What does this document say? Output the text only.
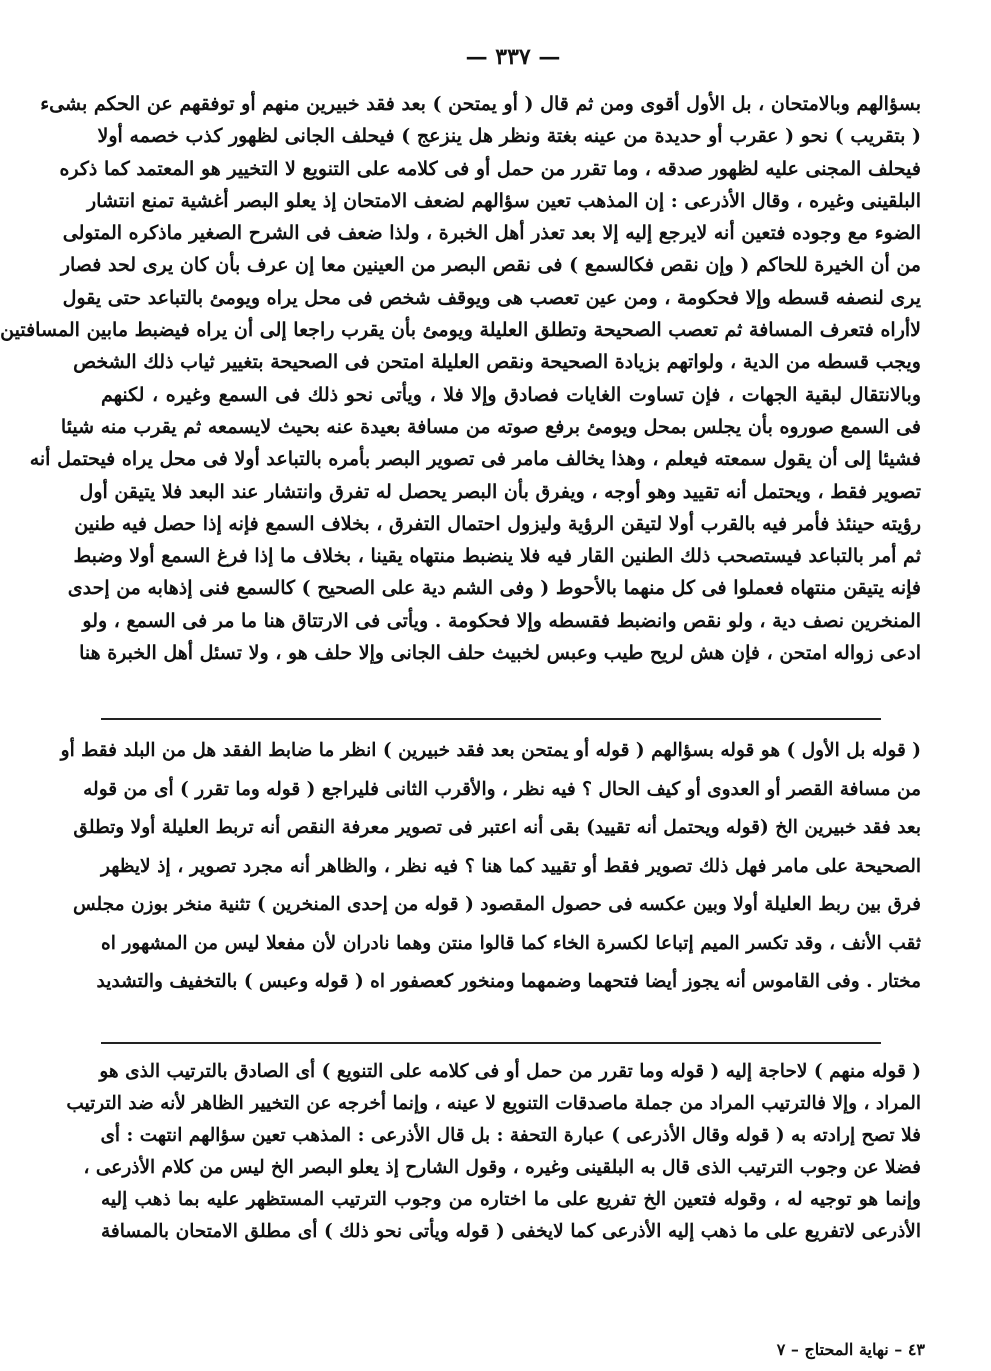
— ٣٣٧ —
بسؤالهم وبالامتحان ، بل الأول أقوى ومن ثم قال ( أو يمتحن ) بعد فقد خبيرين منهم أو توفقهم عن الحكم بشىء
( بتقريب ) نحو ( عقرب أو حديدة من عينه بغتة ونظر هل ينزعج ) فيحلف الجانى لظهور كذب خصمه أولا
فيحلف المجنى عليه لظهور صدقه ، وما تقرر من حمل أو فى كلامه على التنويع لا التخيير هو المعتمد كما ذكره
البلقينى وغيره ، وقال الأذرعى : إن المذهب تعين سؤالهم لضعف الامتحان إذ يعلو البصر أغشية تمنع انتشار
الضوء مع وجوده فتعين أنه لايرجع إليه إلا بعد تعذر أهل الخبرة ، ولذا ضعف فى الشرح الصغير ماذكره المتولى
من أن الخيرة للحاكم ( وإن نقص فكالسمع ) فى نقص البصر من العينين معا إن عرف بأن كان يرى لحد فصار
يرى لنصفه قسطه وإلا فحكومة ، ومن عين تعصب هى ويوقف شخص فى محل يراه ويومئ بالتباعد حتى يقول
لاأراه فتعرف المسافة ثم تعصب الصحيحة وتطلق العليلة ويومئ بأن يقرب راجعا إلى أن يراه فيضبط مابين المسافتين
ويجب قسطه من الدية ، ولواتهم بزيادة الصحيحة ونقص العليلة امتحن فى الصحيحة بتغيير ثياب ذلك الشخص
وبالانتقال لبقية الجهات ، فإن تساوت الغايات فصادق وإلا فلا ، ويأتى نحو ذلك فى السمع وغيره ، لكنهم
فى السمع صوروه بأن يجلس بمحل ويومئ برفع صوته من مسافة بعيدة عنه بحيث لايسمعه ثم يقرب منه شيئا
فشيئا إلى أن يقول سمعته فيعلم ، وهذا يخالف مامر فى تصوير البصر بأمره بالتباعد أولا فى محل يراه فيحتمل أنه
تصوير فقط ، ويحتمل أنه تقييد وهو أوجه ، ويفرق بأن البصر يحصل له تفرق وانتشار عند البعد فلا يتيقن أول
رؤيته حينئذ فأمر فيه بالقرب أولا لتيقن الرؤية وليزول احتمال التفرق ، بخلاف السمع فإنه إذا حصل فيه طنين
ثم أمر بالتباعد فيستصحب ذلك الطنين القار فيه فلا ينضبط منتهاه يقينا ، بخلاف ما إذا فرغ السمع أولا وضبط
فإنه يتيقن منتهاه فعملوا فى كل منهما بالأحوط ( وفى الشم دية على الصحيح ) كالسمع فنى إذهابه من إحدى
المنخرين نصف دية ، ولو نقص وانضبط فقسطه وإلا فحكومة . ويأتى فى الارتتاق هنا ما مر فى السمع ، ولو
ادعى زواله امتحن ، فإن هش لريح طيب وعبس لخبيث حلف الجانى وإلا حلف هو ، ولا تسئل أهل الخبرة هنا
( قوله بل الأول ) هو قوله بسؤالهم ( قوله أو يمتحن بعد فقد خبيرين ) انظر ما ضابط الفقد هل من البلد فقط أو
من مسافة القصر أو العدوى أو كيف الحال ؟ فيه نظر ، والأقرب الثانى فليراجع ( قوله وما تقرر ) أى من قوله
بعد فقد خبيرين الخ (قوله ويحتمل أنه تقييد) بقى أنه اعتبر فى تصوير معرفة النقص أنه تربط العليلة أولا وتطلق
الصحيحة على مامر فهل ذلك تصوير فقط أو تقييد كما هنا ؟ فيه نظر ، والظاهر أنه مجرد تصوير ، إذ لايظهر
فرق بين ربط العليلة أولا وبين عكسه فى حصول المقصود ( قوله من إحدى المنخرين ) تثنية منخر بوزن مجلس
ثقب الأنف ، وقد تكسر الميم إتباعا لكسرة الخاء كما قالوا منتن وهما نادران لأن مفعلا ليس من المشهور اه
مختار . وفى القاموس أنه يجوز أيضا فتحهما وضمهما ومنخور كعصفور اه ( قوله وعبس ) بالتخفيف والتشديد
( قوله منهم ) لاحاجة إليه ( قوله وما تقرر من حمل أو فى كلامه على التنويع ) أى الصادق بالترتيب الذى هو
المراد ، وإلا فالترتيب المراد من جملة ماصدقات التنويع لا عينه ، وإنما أخرجه عن التخيير الظاهر لأنه ضد الترتيب
فلا تصح إرادته به ( قوله وقال الأذرعى ) عبارة التحفة : بل قال الأذرعى : المذهب تعين سؤالهم انتهت : أى
فضلا عن وجوب الترتيب الذى قال به البلقينى وغيره ، وقول الشارح إذ يعلو البصر الخ ليس من كلام الأذرعى ،
وإنما هو توجيه له ، وقوله فتعين الخ تفريع على ما اختاره من وجوب الترتيب المستظهر عليه بما ذهب إليه
الأذرعى لاتفريع على ما ذهب إليه الأذرعى كما لايخفى ( قوله ويأتى نحو ذلك ) أى مطلق الامتحان بالمسافة
٤٣ – نهاية المحتاج – ٧
